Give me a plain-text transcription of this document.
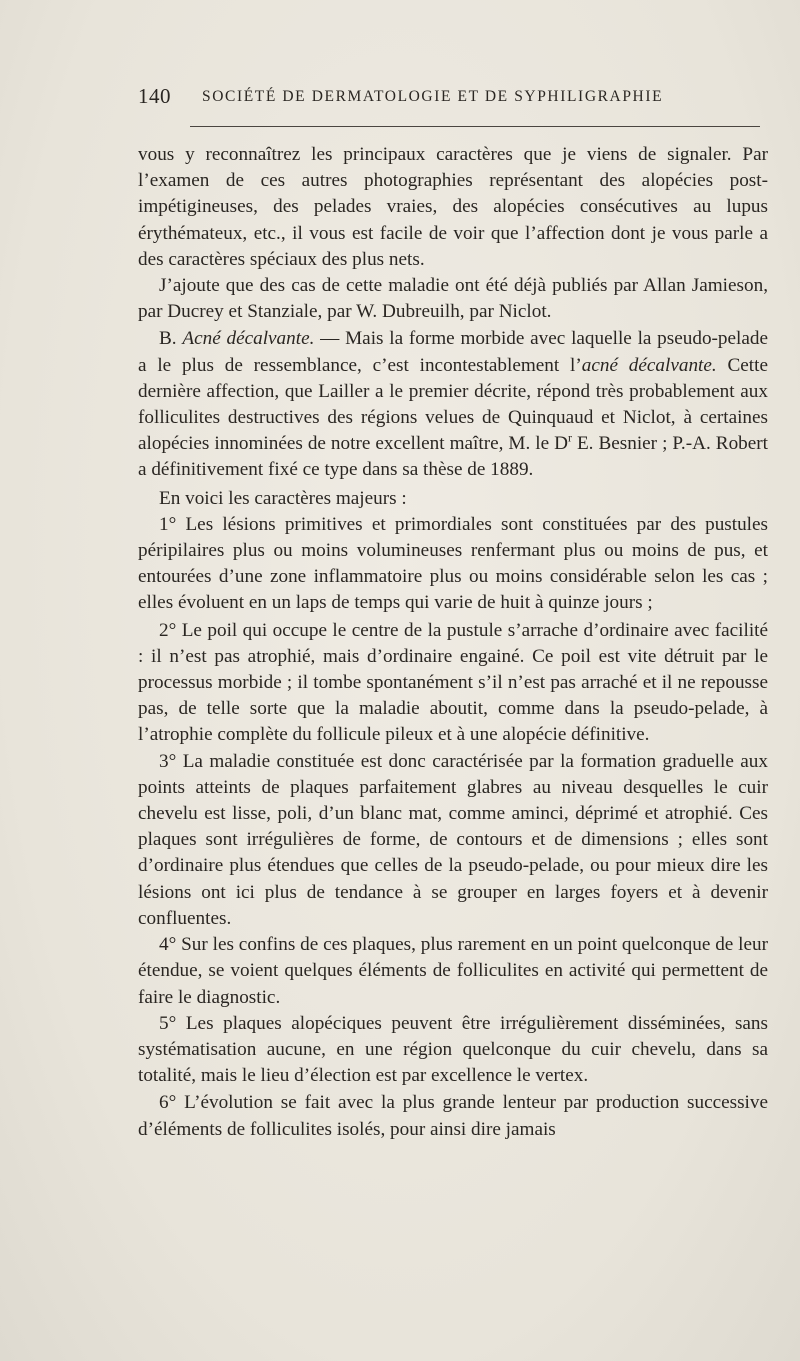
140 SOCIÉTÉ DE DERMATOLOGIE ET DE SYPHILIGRAPHIE

vous y reconnaîtrez les principaux caractères que je viens de signaler. Par l’examen de ces autres photographies représentant des alopécies post-impétigineuses, des pelades vraies, des alopécies consécutives au lupus érythémateux, etc., il vous est facile de voir que l’affection dont je vous parle a des caractères spéciaux des plus nets.

J’ajoute que des cas de cette maladie ont été déjà publiés par Allan Jamieson, par Ducrey et Stanziale, par W. Dubreuilh, par Niclot.

B. Acné décalvante. — Mais la forme morbide avec laquelle la pseudo-pelade a le plus de ressemblance, c’est incontestablement l’acné décalvante. Cette dernière affection, que Lailler a le premier décrite, répond très probablement aux folliculites destructives des régions velues de Quinquaud et Niclot, à certaines alopécies innominées de notre excellent maître, M. le $D^r$ E. Besnier ; P.-A. Robert a définitivement fixé ce type dans sa thèse de 1889.

En voici les caractères majeurs :

1° Les lésions primitives et primordiales sont constituées par des pustules péripilaires plus ou moins volumineuses renfermant plus ou moins de pus, et entourées d’une zone inflammatoire plus ou moins considérable selon les cas ; elles évoluent en un laps de temps qui varie de huit à quinze jours ;

2° Le poil qui occupe le centre de la pustule s’arrache d’ordinaire avec facilité : il n’est pas atrophié, mais d’ordinaire engainé. Ce poil est vite détruit par le processus morbide ; il tombe spontanément s’il n’est pas arraché et il ne repousse pas, de telle sorte que la maladie aboutit, comme dans la pseudo-pelade, à l’atrophie complète du follicule pileux et à une alopécie définitive.

3° La maladie constituée est donc caractérisée par la formation graduelle aux points atteints de plaques parfaitement glabres au niveau desquelles le cuir chevelu est lisse, poli, d’un blanc mat, comme aminci, déprimé et atrophié. Ces plaques sont irrégulières de forme, de contours et de dimensions ; elles sont d’ordinaire plus étendues que celles de la pseudo-pelade, ou pour mieux dire les lésions ont ici plus de tendance à se grouper en larges foyers et à devenir confluentes.

4° Sur les confins de ces plaques, plus rarement en un point quelconque de leur étendue, se voient quelques éléments de folliculites en activité qui permettent de faire le diagnostic.

5° Les plaques alopéciques peuvent être irrégulièrement disséminées, sans systématisation aucune, en une région quelconque du cuir chevelu, dans sa totalité, mais le lieu d’élection est par excellence le vertex.

6° L’évolution se fait avec la plus grande lenteur par production successive d’éléments de folliculites isolés, pour ainsi dire jamais
